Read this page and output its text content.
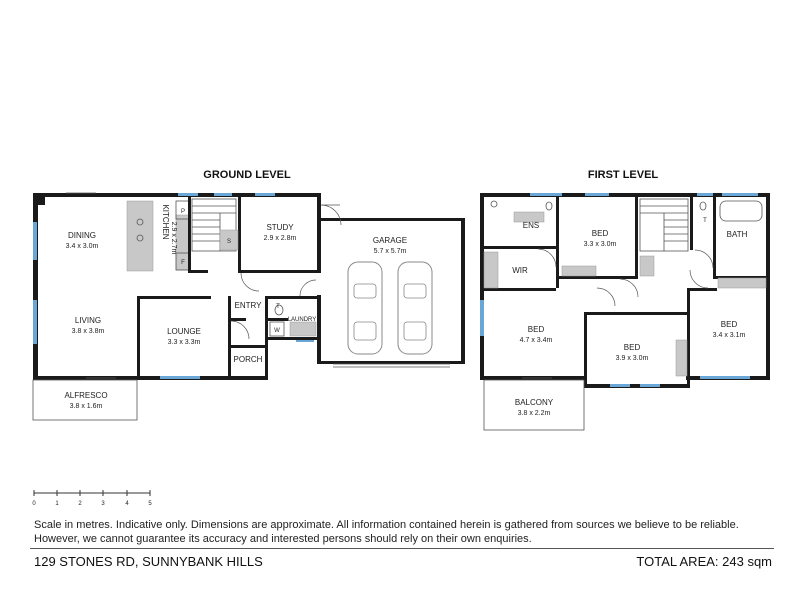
GROUND LEVEL	FIRST LEVEL
DINING
3.4 x 3.0m
LIVING
3.8 x 3.8m
KITCHEN 2.9 x 2.7m	STUDY
2.9 x 2.8m	GARAGE
5.7 x 5.7m
LOUNGE
3.3 x 3.3m
ENTRY
PORCH
LAUNDRY
ALFRESCO
3.8 x 1.6m
P
S
F
T
W
ENS
BED
3.3 x 3.0m
BATH
WIR
BED
4.7 x 3.4m
BED
3.9 x 3.0m
BED
3.4 x 3.1m
BALCONY
3.8 x 2.2m
T
0	1	2	3	4	5
Scale in metres. Indicative only. Dimensions are approximate. All information contained herein is gathered from sources we believe to be reliable.
However, we cannot guarantee its accuracy and interested persons should rely on their own enquiries.
129 STONES RD, SUNNYBANK HILLS	TOTAL AREA: 243 sqm
